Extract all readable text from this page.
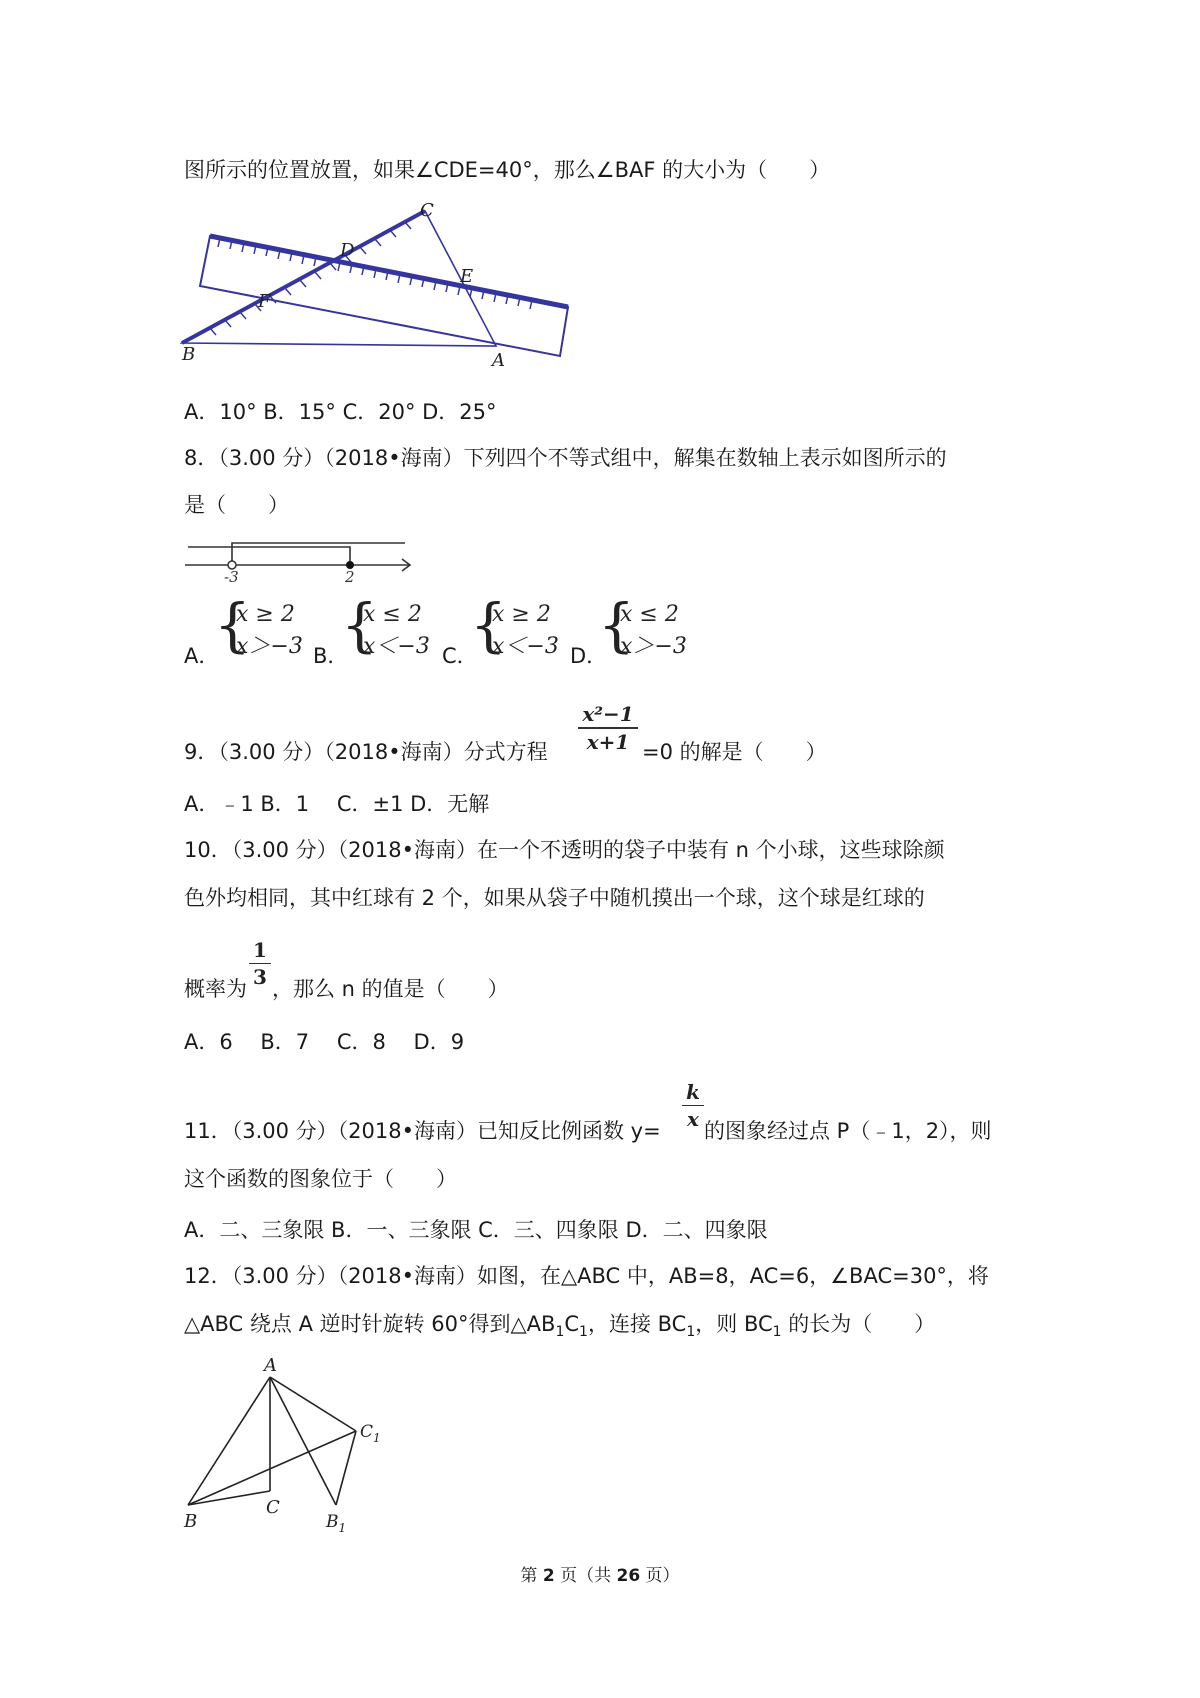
图所示的位置放置，如果∠CDE=40°，那么∠BAF 的大小为（　　）
C
D
E
F
B	A
A．10° B．15° C．20° D．25°
8．（3.00 分）（2018•海南）下列四个不等式组中，解集在数轴上表示如图所示的
是（　　）
-3	2
A．
{
x ≥ 2
x＞−3 B．
{
x ≤ 2
x＜−3 C．
{
x ≥ 2
x＜−3 D．
{
x ≤ 2
x＞−3
9．（3.00 分）（2018•海南）分式方程
x²−1
x+1 =0 的解是（　　）
A．﹣1 B．1　 C．±1 D．无解
10．（3.00 分）（2018•海南）在一个不透明的袋子中装有 n 个小球，这些球除颜
色外均相同，其中红球有 2 个，如果从袋子中随机摸出一个球，这个球是红球的
概率为
1
3 ，那么 n 的值是（　　）
A．6　 B．7　 C．8　 D．9
11．（3.00 分）（2018•海南）已知反比例函数 y=
k
x 的图象经过点 P（﹣1，2），则
这个函数的图象位于（　　）
A．二、三象限 B．一、三象限 C．三、四象限 D．二、四象限
12．（3.00 分）（2018•海南）如图，在△ABC 中，AB=8，AC=6，∠BAC=30°，将
△ABC 绕点 A 逆时针旋转 60°得到$\triangle AB_1C_1$，连接 $BC_1$，则 $BC_1$ 的长为（　　）
A
B
C
$C_1$
$B_1$
第 2 页（共 26 页）
